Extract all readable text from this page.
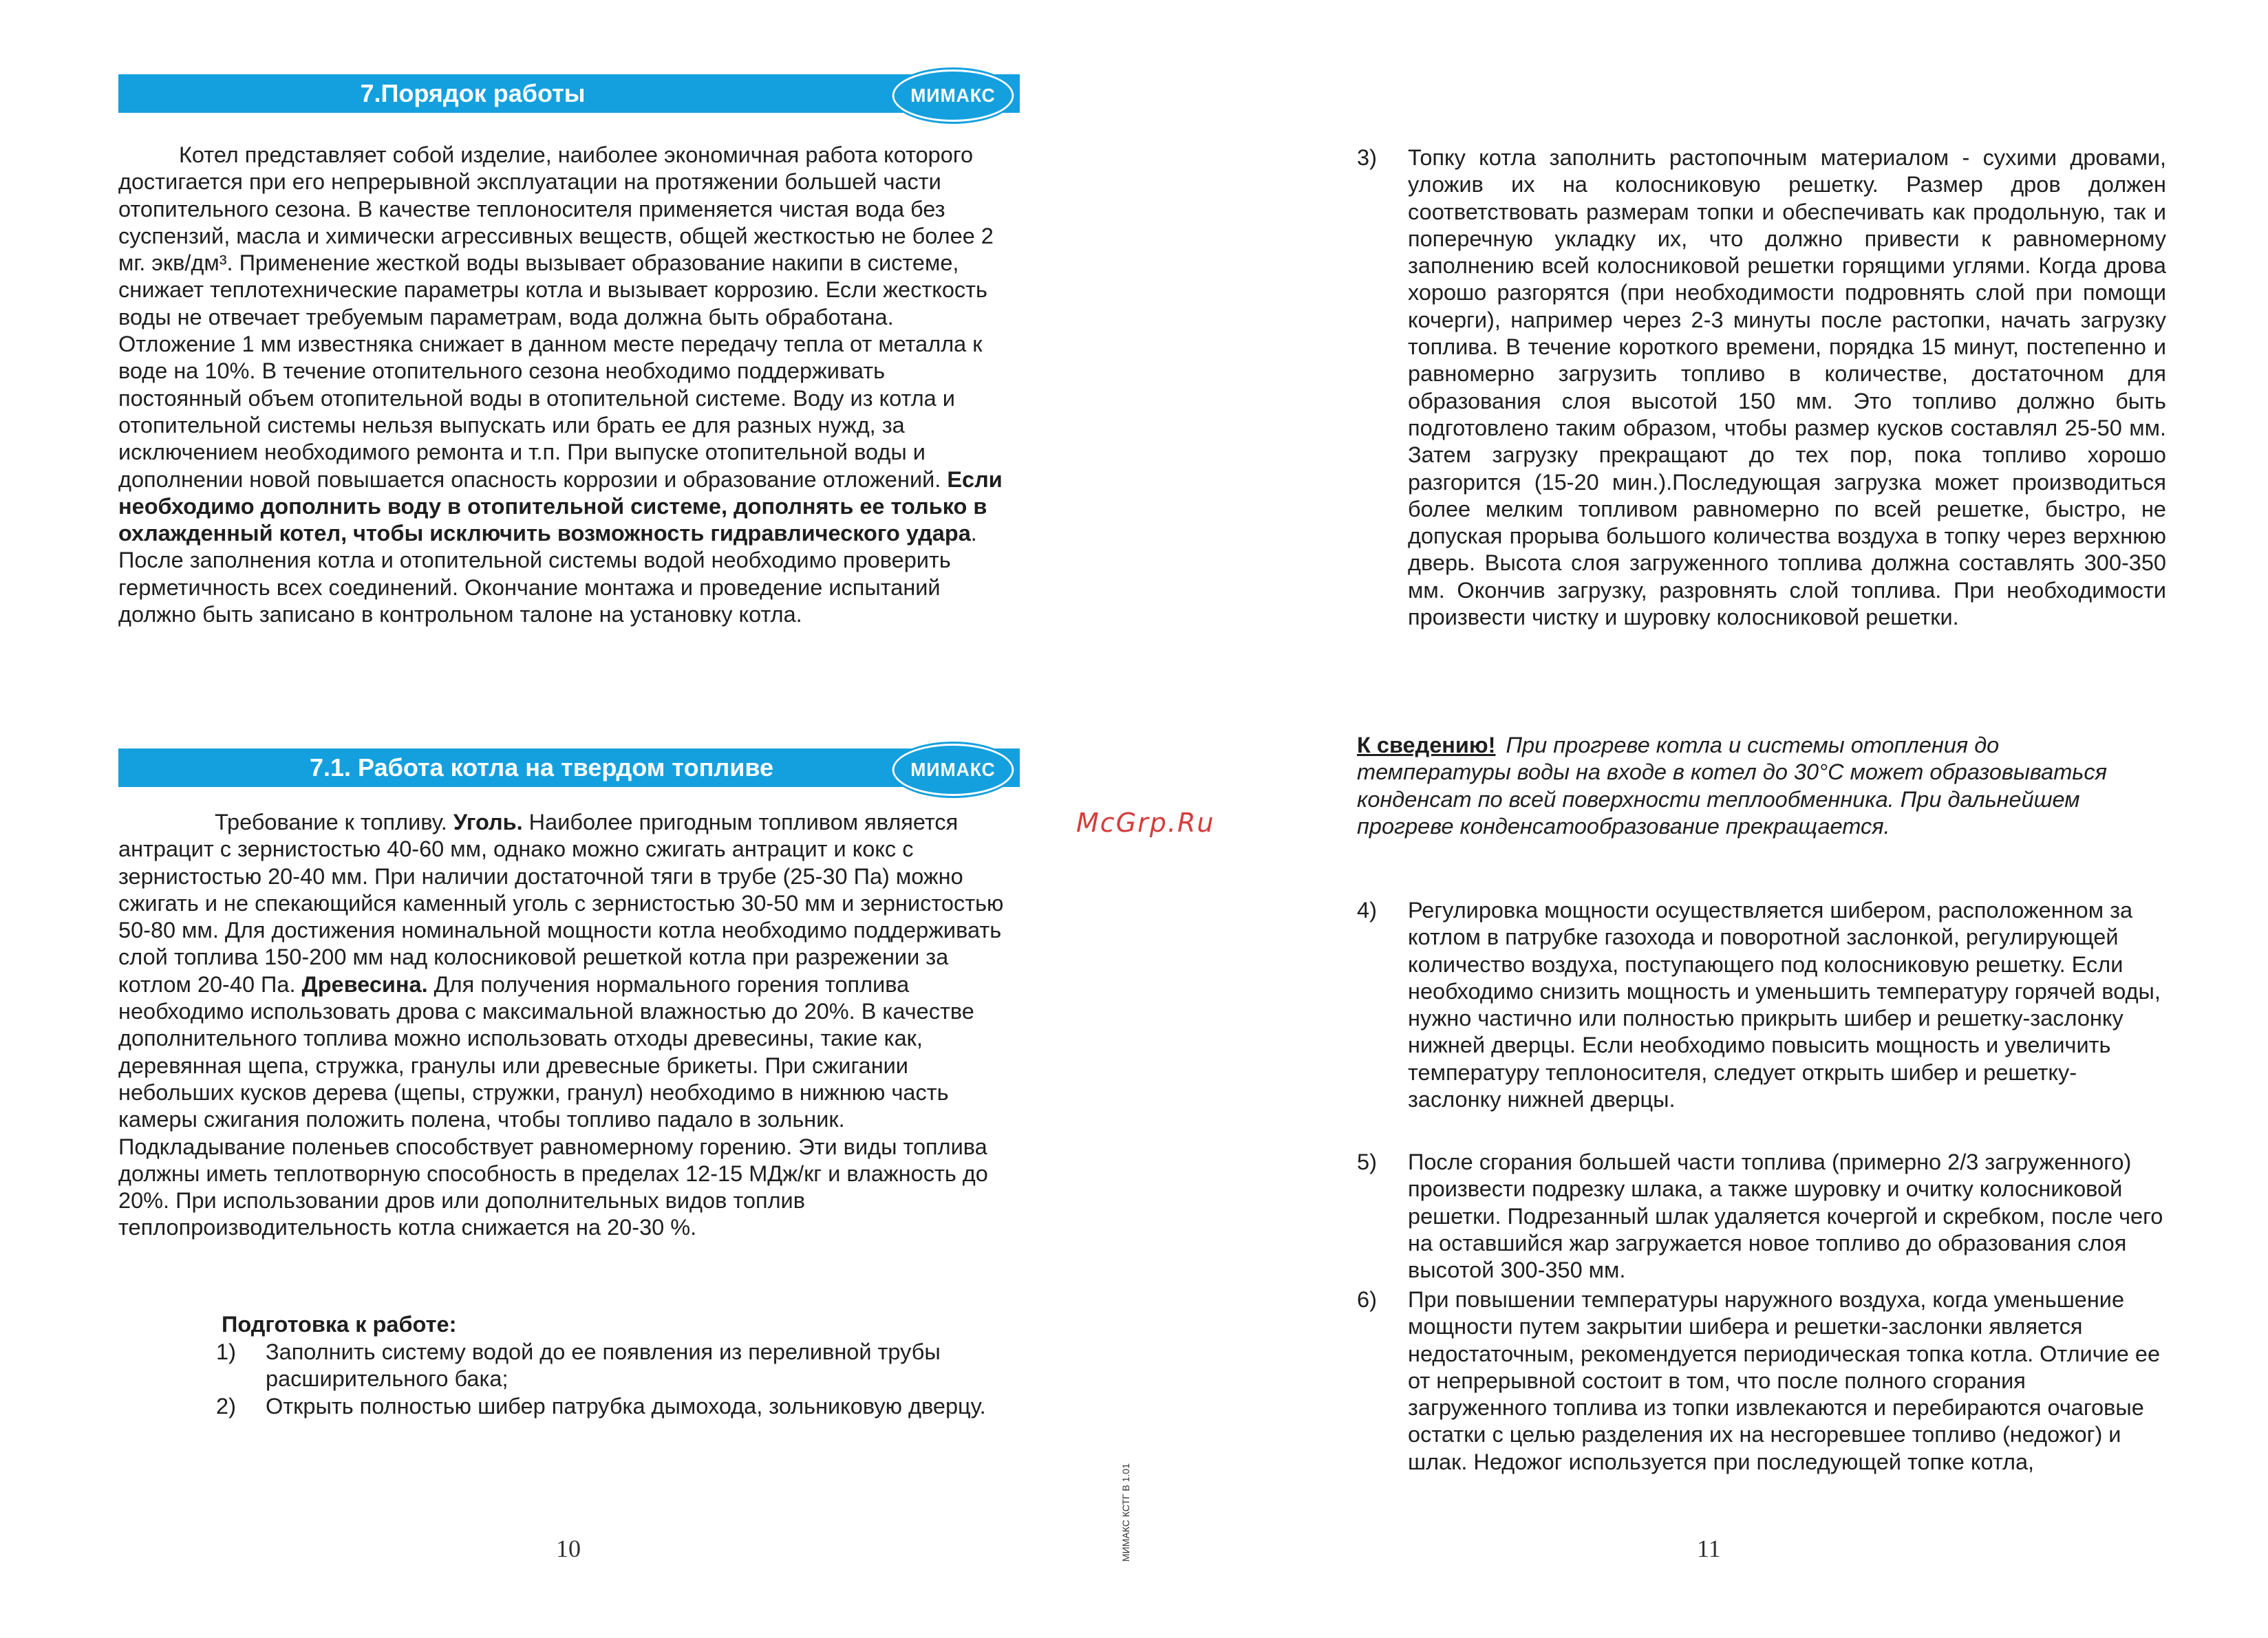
7.Порядок работы	МИМАКС
Котел представляет собой изделие, наиболее экономичная работа которого достигается при его непрерывной эксплуатации на протяжении большей части отопительного сезона. В качестве теплоносителя применяется чистая вода без суспензий, масла и химически агрессивных веществ, общей жесткостью не более 2 мг. экв/дм³. Применение жесткой воды вызывает образование накипи в системе, снижает теплотехнические параметры котла и вызывает коррозию. Если жесткость воды не отвечает требуемым параметрам, вода должна быть обработана. Отложение 1 мм известняка снижает в данном месте передачу тепла от металла к воде на 10%. В течение отопительного сезона необходимо поддерживать постоянный объем отопительной воды в отопительной системе. Воду из котла и отопительной системы нельзя выпускать или брать ее для разных нужд, за исключением необходимого ремонта и т.п. При выпуске отопительной воды и дополнении новой повышается опасность коррозии и образование отложений. Если необходимо дополнить воду в отопительной системе, дополнять ее только в охлажденный котел, чтобы исключить возможность гидравлического удара. После заполнения котла и отопительной системы водой необходимо проверить герметичность всех соединений. Окончание монтажа и проведение испытаний должно быть записано в контрольном талоне на установку котла.
7.1. Работа котла на твердом топливе	МИМАКС
Требование к топливу. Уголь. Наиболее пригодным топливом является антрацит с зернистостью 40-60 мм, однако можно сжигать антрацит и кокс с зернистостью 20-40 мм. При наличии достаточной тяги в трубе (25-30 Па) можно сжигать и не спекающийся каменный уголь с зернистостью 30-50 мм и зернистостью 50-80 мм. Для достижения номинальной мощности котла необходимо поддерживать слой топлива 150-200 мм над колосниковой решеткой котла при разрежении за котлом 20-40 Па. Древесина. Для получения нормального горения топлива необходимо использовать дрова с максимальной влажностью до 20%. В качестве дополнительного топлива можно использовать отходы древесины, такие как, деревянная щепа, стружка, гранулы или древесные брикеты. При сжигании небольших кусков дерева (щепы, стружки, гранул) необходимо в нижнюю часть камеры сжигания положить полена, чтобы топливо падало в зольник. Подкладывание поленьев способствует равномерному горению. Эти виды топлива должны иметь теплотворную способность в пределах 12-15 МДж/кг и влажность до 20%. При использовании дров или дополнительных видов топлив теплопроизводительность котла снижается на 20-30 %.
Подготовка к работе:
1) Заполнить систему водой до ее появления из переливной трубы расширительного бака;
2) Открыть полностью шибер патрубка дымохода, зольниковую дверцу.
10
McGrp.Ru
МИМАКС КСТГ В 1.01
3) Топку котла заполнить растопочным материалом - сухими дровами, уложив их на колосниковую решетку. Размер дров должен соответствовать размерам топки и обеспечивать как продольную, так и поперечную укладку их, что должно привести к равномерному заполнению всей колосниковой решетки горящими углями. Когда дрова хорошо разгорятся (при необходимости подровнять слой при помощи кочерги), например через 2-3 минуты после растопки, начать загрузку топлива. В течение короткого времени, порядка 15 минут, постепенно и равномерно загрузить топливо в количестве, достаточном для образования слоя высотой 150 мм. Это топливо должно быть подготовлено таким образом, чтобы размер кусков составлял 25-50 мм. Затем загрузку прекращают до тех пор, пока топливо хорошо разгорится (15-20 мин.).Последующая загрузка может производиться более мелким топливом равномерно по всей решетке, быстро, не допуская прорыва большого количества воздуха в топку через верхнюю дверь. Высота слоя загруженного топлива должна составлять 300-350 мм. Окончив загрузку, разровнять слой топлива. При необходимости произвести чистку и шуровку колосниковой решетки.
К сведению! При прогреве котла и системы отопления до температуры воды на входе в котел до 30°С может образовываться конденсат по всей поверхности теплообменника. При дальнейшем прогреве конденсатообразование прекращается.
4) Регулировка мощности осуществляется шибером, расположенном за котлом в патрубке газохода и поворотной заслонкой, регулирующей количество воздуха, поступающего под колосниковую решетку. Если необходимо снизить мощность и уменьшить температуру горячей воды, нужно частично или полностью прикрыть шибер и решетку-заслонку нижней дверцы. Если необходимо повысить мощность и увеличить температуру теплоносителя, следует открыть шибер и решетку-заслонку нижней дверцы.
5) После сгорания большей части топлива (примерно 2/3 загруженного) произвести подрезку шлака, а также шуровку и очитку колосниковой решетки. Подрезанный шлак удаляется кочергой и скребком, после чего на оставшийся жар загружается новое топливо до образования слоя высотой 300-350 мм.
6) При повышении температуры наружного воздуха, когда уменьшение мощности путем закрытии шибера и решетки-заслонки является недостаточным, рекомендуется периодическая топка котла. Отличие ее от непрерывной состоит в том, что после полного сгорания загруженного топлива из топки извлекаются и перебираются очаговые остатки с целью разделения их на несгоревшее топливо (недожог) и шлак. Недожог используется при последующей топке котла,
11
